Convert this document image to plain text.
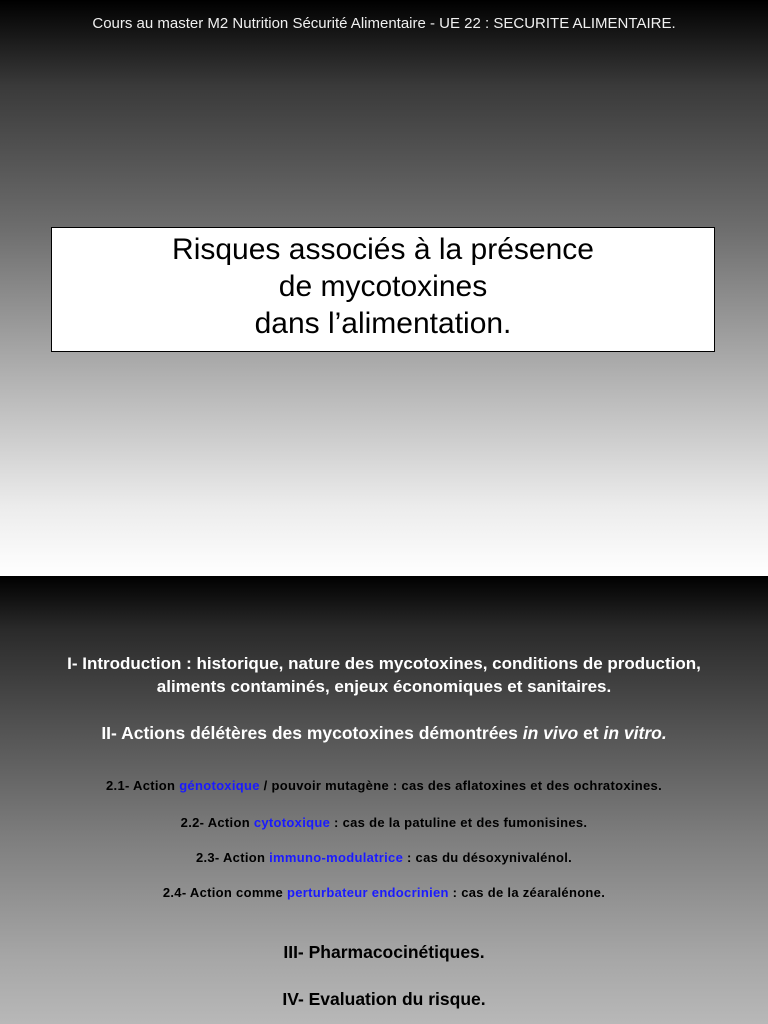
Cours au master M2 Nutrition Sécurité Alimentaire - UE 22 : SECURITE ALIMENTAIRE.
Risques associés à la présence
de mycotoxines
dans l’alimentation.
I- Introduction : historique, nature des mycotoxines, conditions de production,
aliments contaminés, enjeux économiques et sanitaires.
II- Actions délétères des mycotoxines démontrées in vivo et in vitro.
2.1- Action génotoxique / pouvoir mutagène : cas des aflatoxines et des ochratoxines.
2.2- Action cytotoxique : cas de la patuline et des fumonisines.
2.3- Action immuno-modulatrice : cas du désoxynivalénol.
2.4- Action comme perturbateur endocrinien : cas de la zéaralénone.
III- Pharmacocinétiques.
IV- Evaluation du risque.
